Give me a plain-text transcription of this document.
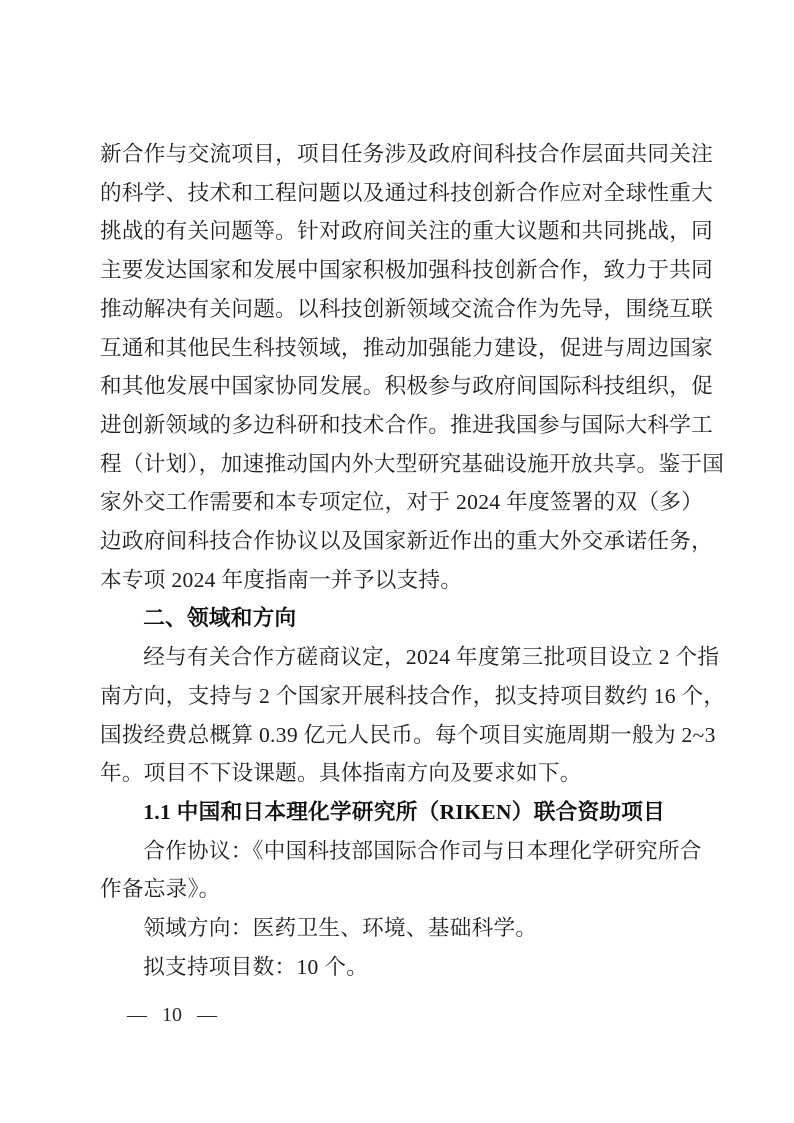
新合作与交流项目，项目任务涉及政府间科技合作层面共同关注
的科学、技术和工程问题以及通过科技创新合作应对全球性重大
挑战的有关问题等。针对政府间关注的重大议题和共同挑战，同
主要发达国家和发展中国家积极加强科技创新合作，致力于共同
推动解决有关问题。以科技创新领域交流合作为先导，围绕互联
互通和其他民生科技领域，推动加强能力建设，促进与周边国家
和其他发展中国家协同发展。积极参与政府间国际科技组织，促
进创新领域的多边科研和技术合作。推进我国参与国际大科学工
程（计划），加速推动国内外大型研究基础设施开放共享。鉴于国
家外交工作需要和本专项定位，对于 2024 年度签署的双（多）
边政府间科技合作协议以及国家新近作出的重大外交承诺任务，
本专项 2024 年度指南一并予以支持。
二、领域和方向
经与有关合作方磋商议定，2024 年度第三批项目设立 2 个指
南方向，支持与 2 个国家开展科技合作，拟支持项目数约 16 个，
国拨经费总概算 0.39 亿元人民币。每个项目实施周期一般为 2~3
年。项目不下设课题。具体指南方向及要求如下。
1.1 中国和日本理化学研究所（RIKEN）联合资助项目
合作协议：《中国科技部国际合作司与日本理化学研究所合
作备忘录》。
领域方向：医药卫生、环境、基础科学。
拟支持项目数：10 个。
— 10 —
